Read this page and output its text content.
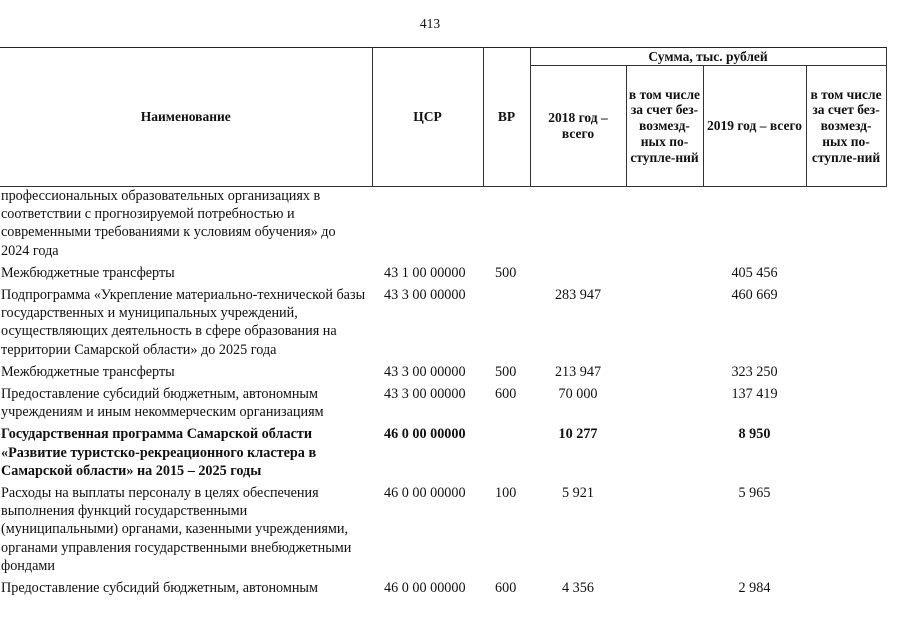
413
Наименование	ЦСР	ВР	Сумма, тыс. рублей			
			2018 год – всего	в том числе за счет без-возмезд-ных по-ступле-ний	2019 год – всего	в том числе за счет без-возмезд-ных по-ступле-ний
профессиональных образовательных организациях в соответствии с прогнозируемой потребностью и современными требованиями к условиям обучения» до 2024 года						
Межбюджетные трансферты	43 1 00 00000	500			405 456	
Подпрограмма «Укрепление материально-технической базы государственных и муниципальных учреждений, осуществляющих деятельность в сфере образования на территории Самарской области» до 2025 года	43 3 00 00000		283 947		460 669	
Межбюджетные трансферты	43 3 00 00000	500	213 947		323 250	
Предоставление субсидий бюджетным, автономным учреждениям и иным некоммерческим организациям	43 3 00 00000	600	70 000		137 419	
Государственная программа Самарской области «Развитие туристско-рекреационного кластера в Самарской области» на 2015 – 2025 годы	46 0 00 00000		10 277		8 950	
Расходы на выплаты персоналу в целях обеспечения выполнения функций государственными (муниципальными) органами, казенными учреждениями, органами управления государственными внебюджетными фондами	46 0 00 00000	100	5 921		5 965	
Предоставление субсидий бюджетным, автономным	46 0 00 00000	600	4 356		2 984	
